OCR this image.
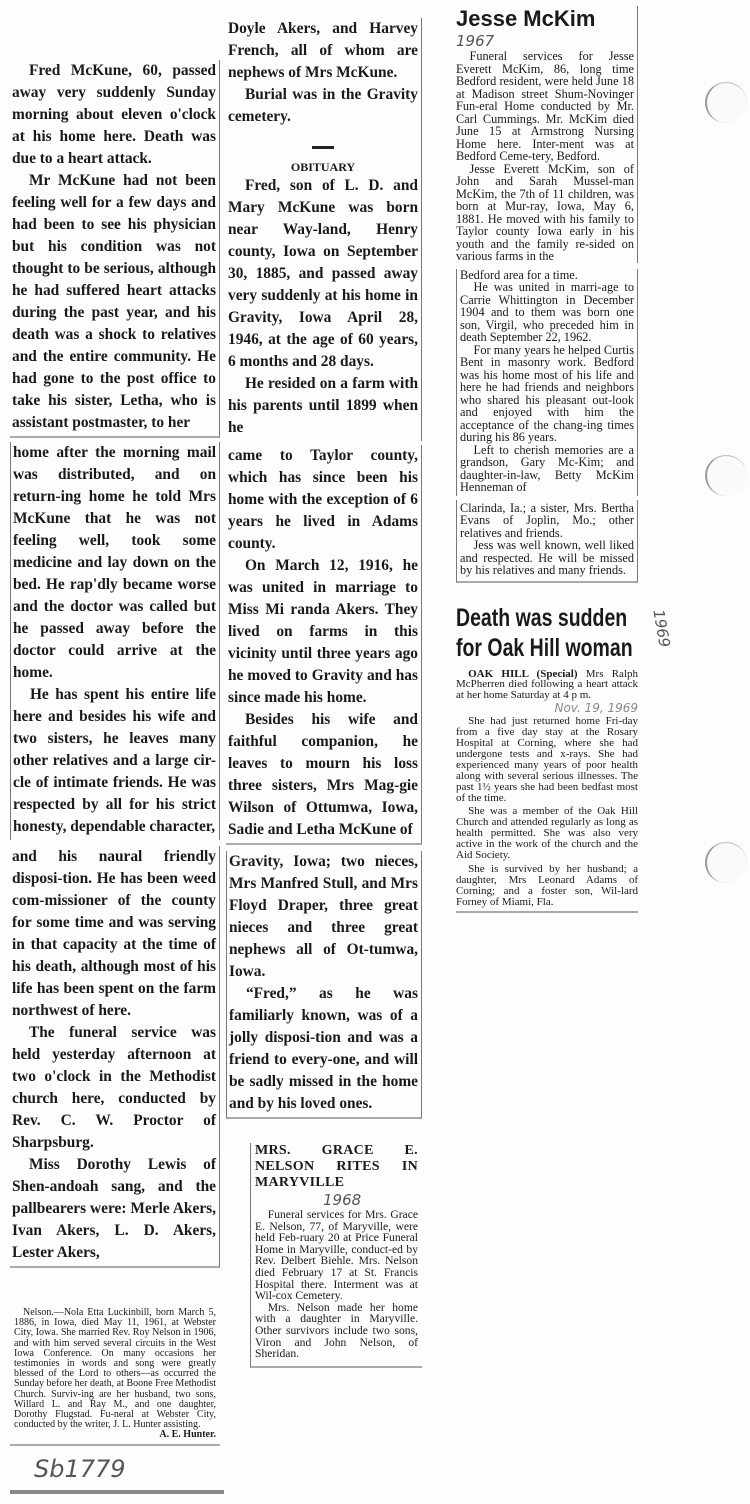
Fred McKune, 60, passed away very suddenly Sunday morning about eleven o'clock at his home here. Death was due to a heart attack.

Mr McKune had not been feeling well for a few days and had been to see his physician but his condition was not thought to be serious, although he had suffered heart attacks during the past year, and his death was a shock to relatives and the entire community. He had gone to the post office to take his sister, Letha, who is assistant postmaster, to her

home after the morning mail was distributed, and on return-ing home he told Mrs McKune that he was not feeling well, took some medicine and lay down on the bed. He rap'dly became worse and the doctor was called but he passed away before the doctor could arrive at the home.

He has spent his entire life here and besides his wife and two sisters, he leaves many other relatives and a large cir-cle of intimate friends. He was respected by all for his strict honesty, dependable character,

and his naural friendly disposi-tion. He has been weed com-missioner of the county for some time and was serving in that capacity at the time of his death, although most of his life has been spent on the farm northwest of here.

The funeral service was held yesterday afternoon at two o'clock in the Methodist church here, conducted by Rev. C. W. Proctor of Sharpsburg.

Miss Dorothy Lewis of Shen-andoah sang, and the pallbearers were: Merle Akers, Ivan Akers, L. D. Akers, Lester Akers,

Nelson.—Nola Etta Luckinbill, born March 5, 1886, in Iowa, died May 11, 1961, at Webster City, Iowa. She married Rev. Roy Nelson in 1906, and with him served several circuits in the West Iowa Conference. On many occasions her testimonies in words and song were greatly blessed of the Lord to others—as occurred the Sunday before her death, at Boone Free Methodist Church. Surviv-ing are her husband, two sons, Willard L. and Ray M., and one daughter, Dorothy Flugstad. Fu-neral at Webster City, conducted by the writer, J. L. Hunter assisting.

A. E. Hunter.
Sb1779

Doyle Akers, and Harvey French, all of whom are nephews of Mrs McKune.

Burial was in the Gravity cemetery.

OBITUARY

Fred, son of L. D. and Mary McKune was born near Way-land, Henry county, Iowa on September 30, 1885, and passed away very suddenly at his home in Gravity, Iowa April 28, 1946, at the age of 60 years, 6 months and 28 days.

He resided on a farm with his parents until 1899 when he

came to Taylor county, which has since been his home with the exception of 6 years he lived in Adams county.

On March 12, 1916, he was united in marriage to Miss Mi randa Akers. They lived on farms in this vicinity until three years ago he moved to Gravity and has since made his home.

Besides his wife and faithful companion, he leaves to mourn his loss three sisters, Mrs Mag-gie Wilson of Ottumwa, Iowa, Sadie and Letha McKune of

Gravity, Iowa; two nieces, Mrs Manfred Stull, and Mrs Floyd Draper, three great nieces and three great nephews all of Ot-tumwa, Iowa.

“Fred,” as he was familiarly known, was of a jolly disposi-tion and was a friend to every-one, and will be sadly missed in the home and by his loved ones.

MRS. GRACE E. NELSON RITES IN MARYVILLE

1968

Funeral services for Mrs. Grace E. Nelson, 77, of Maryville, were held Feb-ruary 20 at Price Funeral Home in Maryville, conduct-ed by Rev. Delbert Biehle. Mrs. Nelson died February 17 at St. Francis Hospital there. Interment was at Wil-cox Cemetery.

Mrs. Nelson made her home with a daughter in Maryville. Other survivors include two sons, Viron and John Nelson, of Sheridan.

Jesse McKim
1967

Funeral services for Jesse Everett McKim, 86, long time Bedford resident, were held June 18 at Madison street Shum-Novinger Fun-eral Home conducted by Mr. Carl Cummings. Mr. McKim died June 15 at Armstrong Nursing Home here. Inter-ment was at Bedford Ceme-tery, Bedford.

Jesse Everett McKim, son of John and Sarah Mussel-man McKim, the 7th of 11 children, was born at Mur-ray, Iowa, May 6, 1881. He moved with his family to Taylor county Iowa early in his youth and the family re-sided on various farms in the

Bedford area for a time.

He was united in marri-age to Carrie Whittington in December 1904 and to them was born one son, Virgil, who preceded him in death September 22, 1962.

For many years he helped Curtis Bent in masonry work. Bedford was his home most of his life and here he had friends and neighbors who shared his pleasant out-look and enjoyed with him the acceptance of the chang-ing times during his 86 years.

Left to cherish memories are a grandson, Gary Mc-Kim; and daughter-in-law, Betty McKim Henneman of

Clarinda, Ia.; a sister, Mrs. Bertha Evans of Joplin, Mo.; other relatives and friends.

Jess was well known, well liked and respected. He will be missed by his relatives and many friends.

Death was sudden
for Oak Hill woman 1969

OAK HILL (Special) Mrs Ralph McPherren died following a heart attack at her home Saturday at 4 p m.

Nov. 19, 1969

She had just returned home Fri-day from a five day stay at the Rosary Hospital at Corning, where she had undergone tests and x-rays. She had experienced many years of poor health along with several serious illnesses. The past 1½ years she had been bedfast most of the time.

She was a member of the Oak Hill Church and attended regularly as long as health permitted. She was also very active in the work of the church and the Aid Society.

She is survived by her husband; a daughter, Mrs Leonard Adams of Corning; and a foster son, Wil-lard Forney of Miami, Fla.
